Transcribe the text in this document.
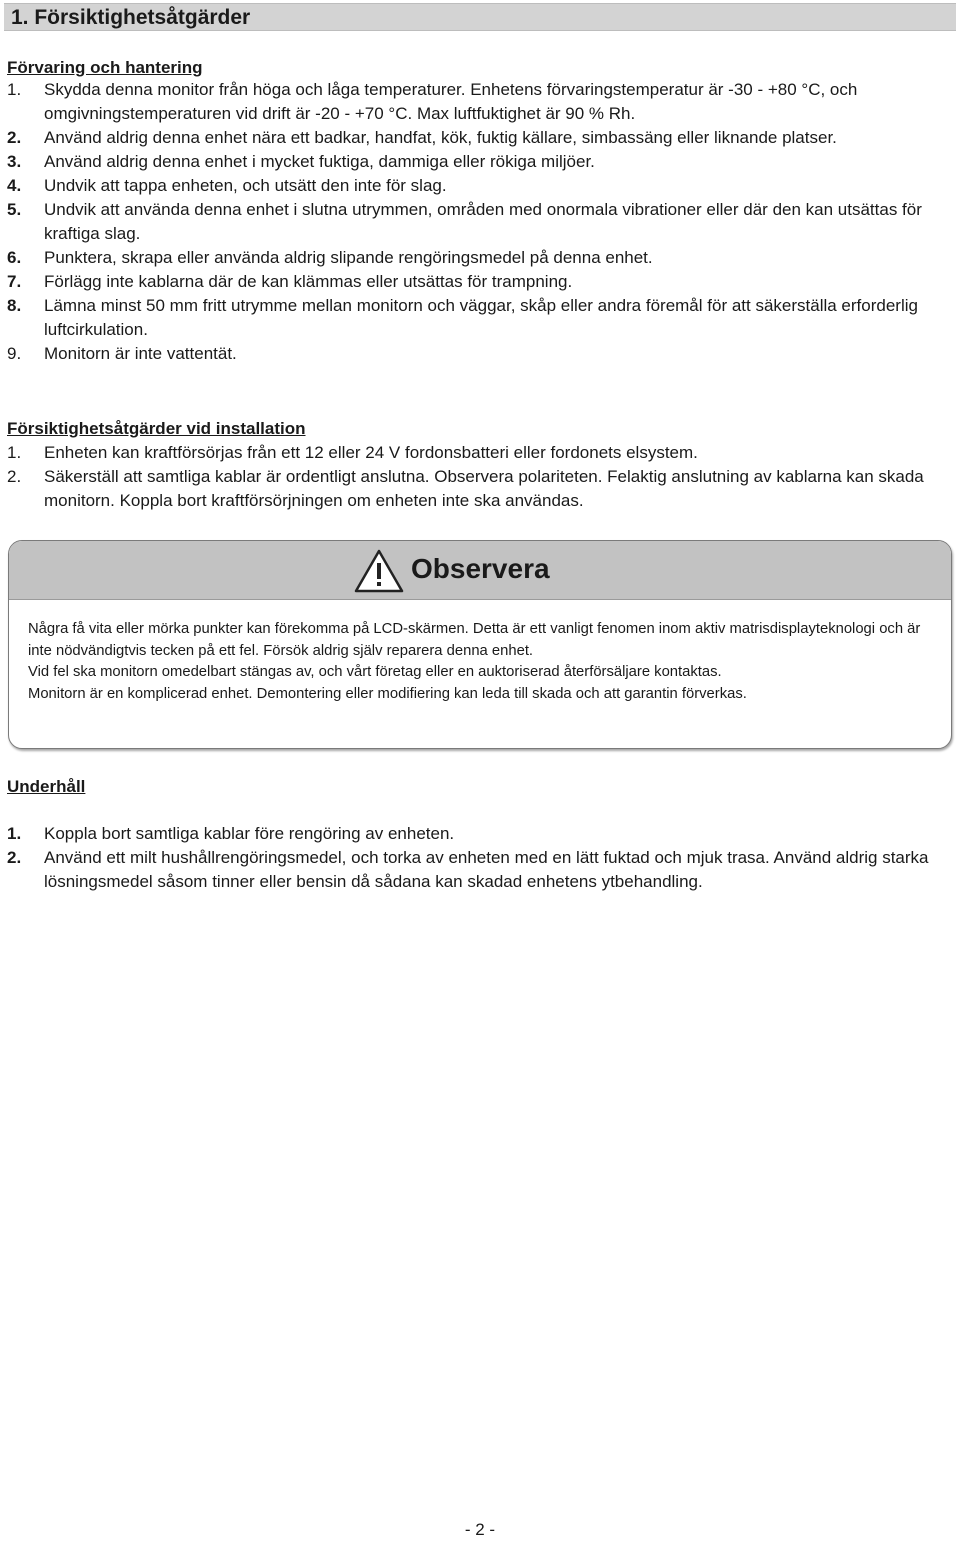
1. Försiktighetsåtgärder
Förvaring och hantering
1. Skydda denna monitor från höga och låga temperaturer. Enhetens förvaringstemperatur är -30 - +80 °C, och omgivningstemperaturen vid drift är -20 - +70 °C. Max luftfuktighet är 90 % Rh.
2. Använd aldrig denna enhet nära ett badkar, handfat, kök, fuktig källare, simbassäng eller liknande platser.
3. Använd aldrig denna enhet i mycket fuktiga, dammiga eller rökiga miljöer.
4. Undvik att tappa enheten, och utsätt den inte för slag.
5. Undvik att använda denna enhet i slutna utrymmen, områden med onormala vibrationer eller där den kan utsättas för kraftiga slag.
6. Punktera, skrapa eller använda aldrig slipande rengöringsmedel på denna enhet.
7. Förlägg inte kablarna där de kan klämmas eller utsättas för trampning.
8. Lämna minst 50 mm fritt utrymme mellan monitorn och väggar, skåp eller andra föremål för att säkerställa erforderlig luftcirkulation.
9. Monitorn är inte vattentät.
Försiktighetsåtgärder vid installation
1. Enheten kan kraftförsörjas från ett 12 eller 24 V fordonsbatteri eller fordonets elsystem.
2. Säkerställ att samtliga kablar är ordentligt anslutna. Observera polariteten. Felaktig anslutning av kablarna kan skada monitorn. Koppla bort kraftförsörjningen om enheten inte ska användas.
Observera

Några få vita eller mörka punkter kan förekomma på LCD-skärmen. Detta är ett vanligt fenomen inom aktiv matrisdisplayteknologi och är inte nödvändigtvis tecken på ett fel. Försök aldrig själv reparera denna enhet.

Vid fel ska monitorn omedelbart stängas av, och vårt företag eller en auktoriserad återförsäljare kontaktas.

Monitorn är en komplicerad enhet. Demontering eller modifiering kan leda till skada och att garantin förverkas.

Underhåll
1. Koppla bort samtliga kablar före rengöring av enheten.
2. Använd ett milt hushållrengöringsmedel, och torka av enheten med en lätt fuktad och mjuk trasa. Använd aldrig starka lösningsmedel såsom tinner eller bensin då sådana kan skadad enhetens ytbehandling.
- 2 -
